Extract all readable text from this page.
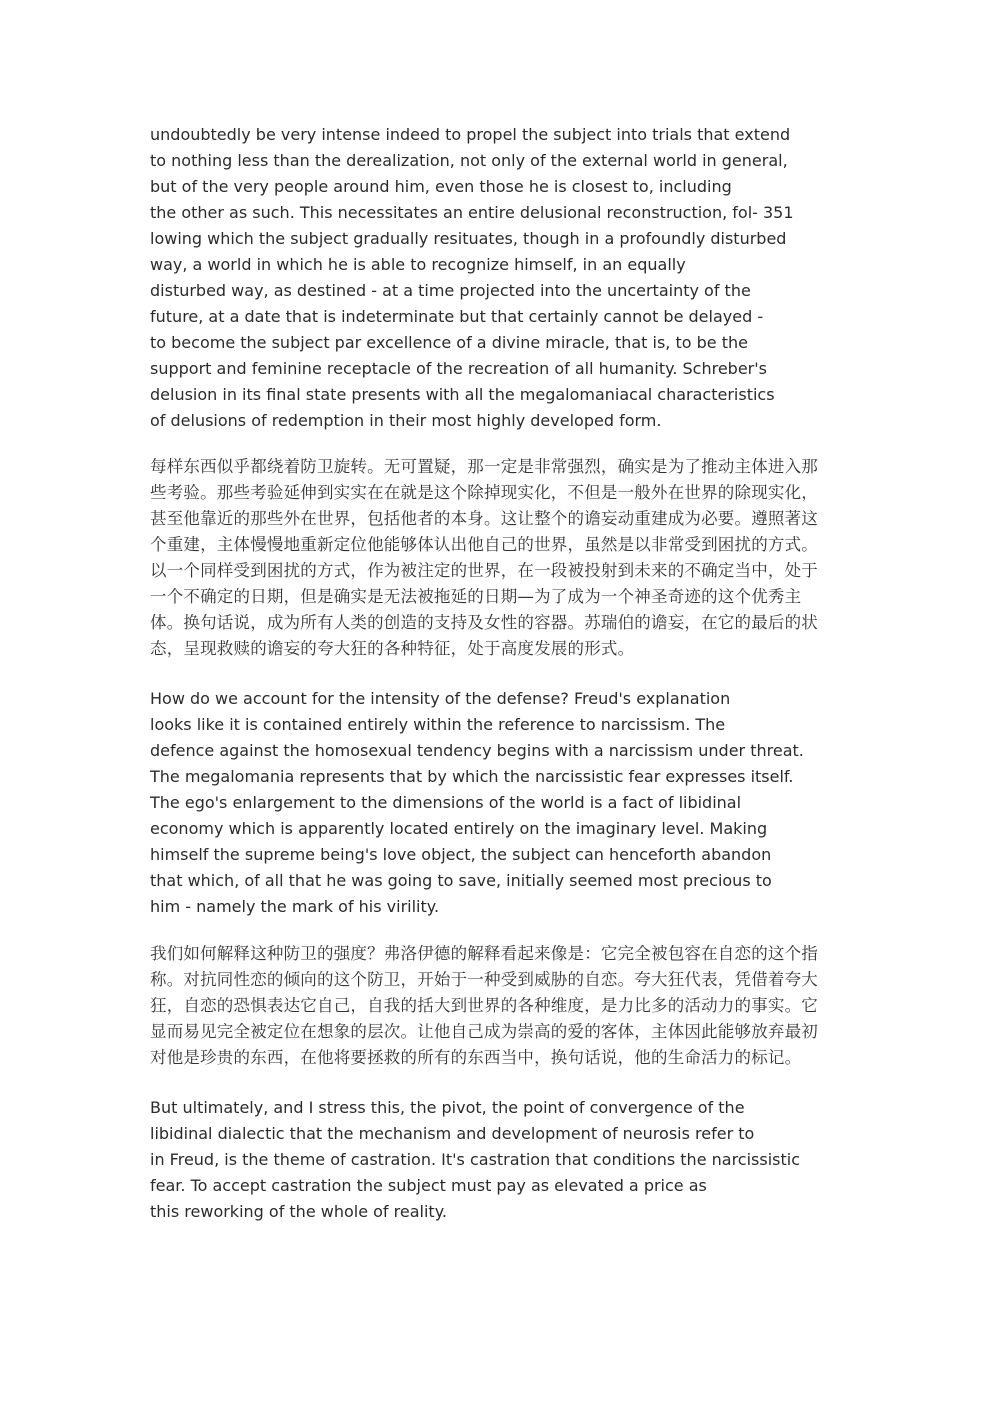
undoubtedly be very intense indeed to propel the subject into trials that extend
to nothing less than the derealization, not only of the external world in general,
but of the very people around him, even those he is closest to, including
the other as such. This necessitates an entire delusional reconstruction, fol- 351
lowing which the subject gradually resituates, though in a profoundly disturbed
way, a world in which he is able to recognize himself, in an equally
disturbed way, as destined - at a time projected into the uncertainty of the
future, at a date that is indeterminate but that certainly cannot be delayed -
to become the subject par excellence of a divine miracle, that is, to be the
support and feminine receptacle of the recreation of all humanity. Schreber's
delusion in its final state presents with all the megalomaniacal characteristics
of delusions of redemption in their most highly developed form.

每样东西似乎都绕着防卫旋转。无可置疑，那一定是非常强烈，确实是为了推动主体进入那
些考验。那些考验延伸到实实在在就是这个除掉现实化，不但是一般外在世界的除现实化，
甚至他靠近的那些外在世界，包括他者的本身。这让整个的谵妄动重建成为必要。遵照著这
个重建，主体慢慢地重新定位他能够体认出他自己的世界，虽然是以非常受到困扰的方式。
以一个同样受到困扰的方式，作为被注定的世界，在一段被投射到未来的不确定当中，处于
一个不确定的日期，但是确实是无法被拖延的日期—为了成为一个神圣奇迹的这个优秀主
体。换句话说，成为所有人类的创造的支持及女性的容器。苏瑞伯的谵妄，在它的最后的状
态，呈现救赎的谵妄的夸大狂的各种特征，处于高度发展的形式。

How do we account for the intensity of the defense? Freud's explanation
looks like it is contained entirely within the reference to narcissism. The
defence against the homosexual tendency begins with a narcissism under threat.
The megalomania represents that by which the narcissistic fear expresses itself.
The ego's enlargement to the dimensions of the world is a fact of libidinal
economy which is apparently located entirely on the imaginary level. Making
himself the supreme being's love object, the subject can henceforth abandon
that which, of all that he was going to save, initially seemed most precious to
him - namely the mark of his virility.

我们如何解释这种防卫的强度？弗洛伊德的解释看起来像是：它完全被包容在自恋的这个指
称。对抗同性恋的倾向的这个防卫，开始于一种受到威胁的自恋。夸大狂代表，凭借着夸大
狂，自恋的恐惧表达它自己，自我的括大到世界的各种维度，是力比多的活动力的事实。它
显而易见完全被定位在想象的层次。让他自己成为崇高的爱的客体，主体因此能够放弃最初
对他是珍贵的东西，在他将要拯救的所有的东西当中，换句话说，他的生命活力的标记。

But ultimately, and I stress this, the pivot, the point of convergence of the
libidinal dialectic that the mechanism and development of neurosis refer to
in Freud, is the theme of castration. It's castration that conditions the narcissistic
fear. To accept castration the subject must pay as elevated a price as
this reworking of the whole of reality.
